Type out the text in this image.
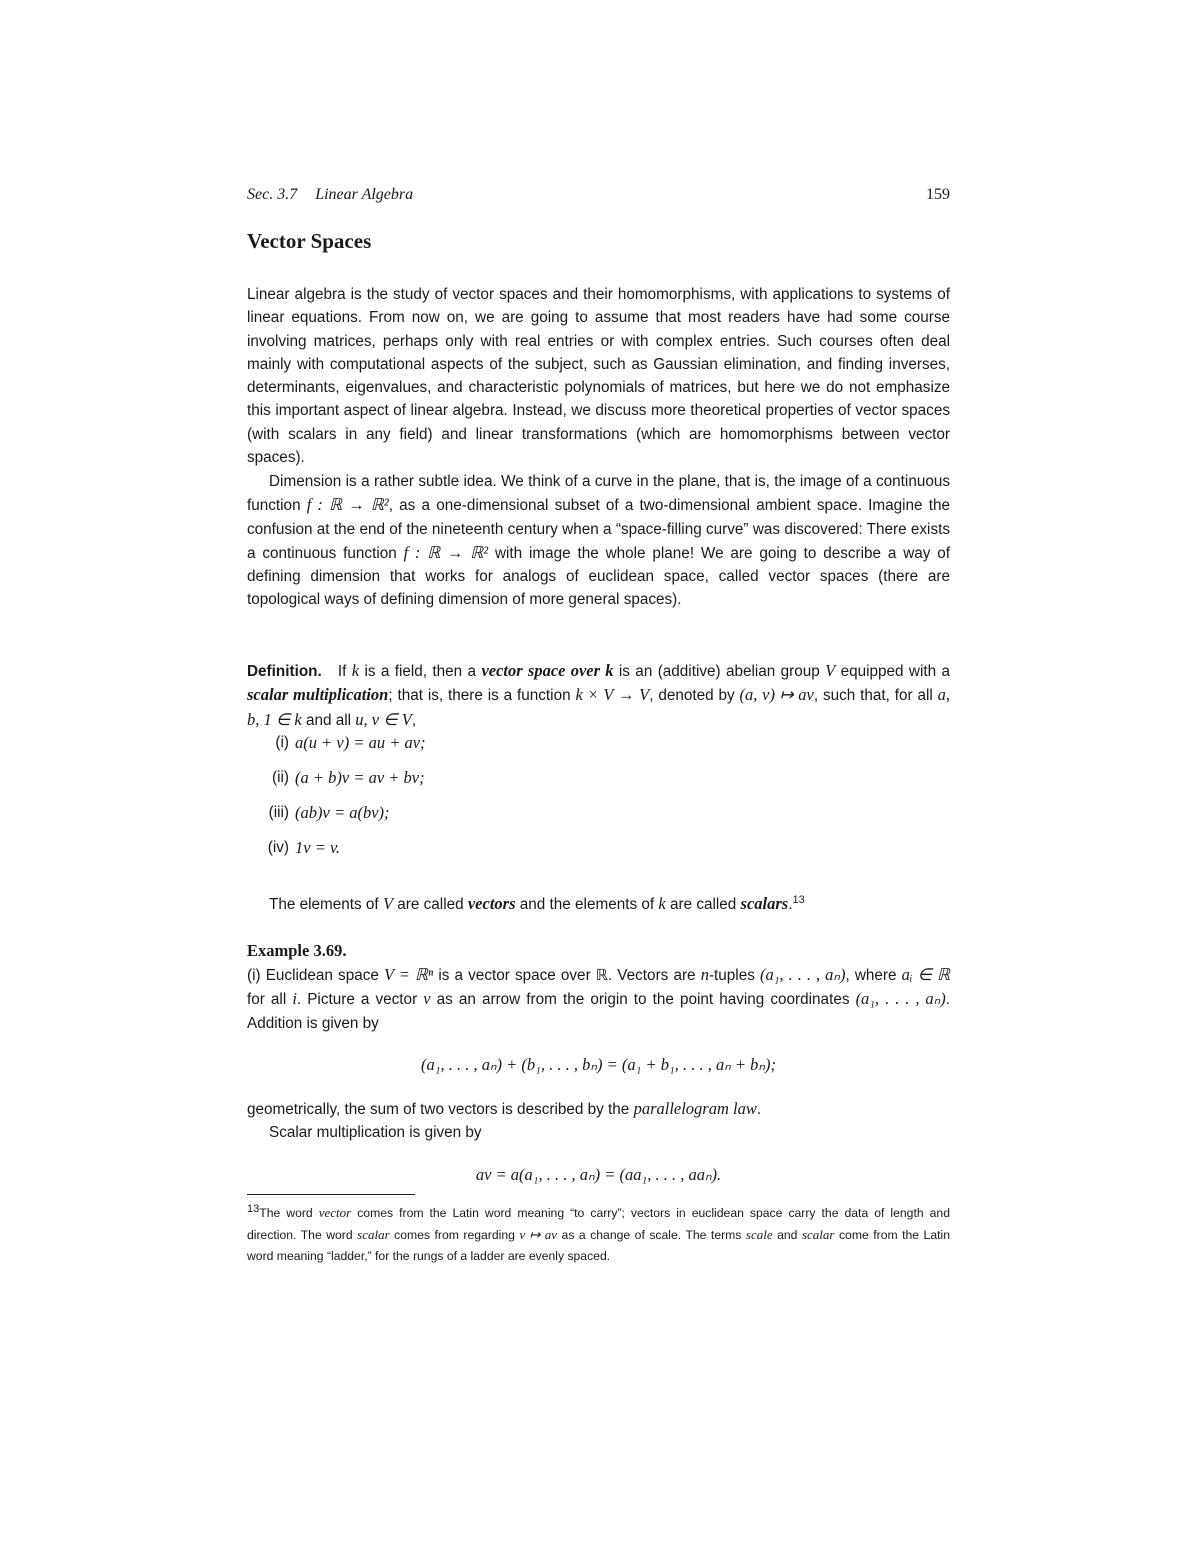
Sec. 3.7 Linear Algebra	159
Vector Spaces

Linear algebra is the study of vector spaces and their homomorphisms, with applications to systems of linear equations. From now on, we are going to assume that most readers have had some course involving matrices, perhaps only with real entries or with complex entries. Such courses often deal mainly with computational aspects of the subject, such as Gaussian elimination, and finding inverses, determinants, eigenvalues, and characteristic polynomials of matrices, but here we do not emphasize this important aspect of linear algebra. Instead, we discuss more theoretical properties of vector spaces (with scalars in any field) and linear transformations (which are homomorphisms between vector spaces).

Dimension is a rather subtle idea. We think of a curve in the plane, that is, the image of a continuous function f : ℝ → ℝ², as a one-dimensional subset of a two-dimensional ambient space. Imagine the confusion at the end of the nineteenth century when a “space-filling curve” was discovered: There exists a continuous function f : ℝ → ℝ² with image the whole plane! We are going to describe a way of defining dimension that works for analogs of euclidean space, called vector spaces (there are topological ways of defining dimension of more general spaces).

Definition. If k is a field, then a vector space over k is an (additive) abelian group V equipped with a scalar multiplication; that is, there is a function k × V → V, denoted by (a, v) ↦ av, such that, for all a, b, 1 ∈ k and all u, v ∈ V,

(i) a(u + v) = au + av;
(ii) (a + b)v = av + bv;
(iii) (ab)v = a(bv);
(iv) 1v = v.

The elements of V are called vectors and the elements of k are called scalars.$^{13}$

Example 3.69.

(i) Euclidean space V = ℝⁿ is a vector space over ℝ. Vectors are n-tuples (a₁, . . . , aₙ), where aᵢ ∈ ℝ for all i. Picture a vector v as an arrow from the origin to the point having coordinates (a₁, . . . , aₙ). Addition is given by

(a₁, . . . , aₙ) + (b₁, . . . , bₙ) = (a₁ + b₁, . . . , aₙ + bₙ);

geometrically, the sum of two vectors is described by the parallelogram law.

Scalar multiplication is given by

av = a(a₁, . . . , aₙ) = (aa₁, . . . , aaₙ).

$^{13}$The word vector comes from the Latin word meaning “to carry”; vectors in euclidean space carry the data of length and direction. The word scalar comes from regarding v ↦ av as a change of scale. The terms scale and scalar come from the Latin word meaning “ladder,” for the rungs of a ladder are evenly spaced.
